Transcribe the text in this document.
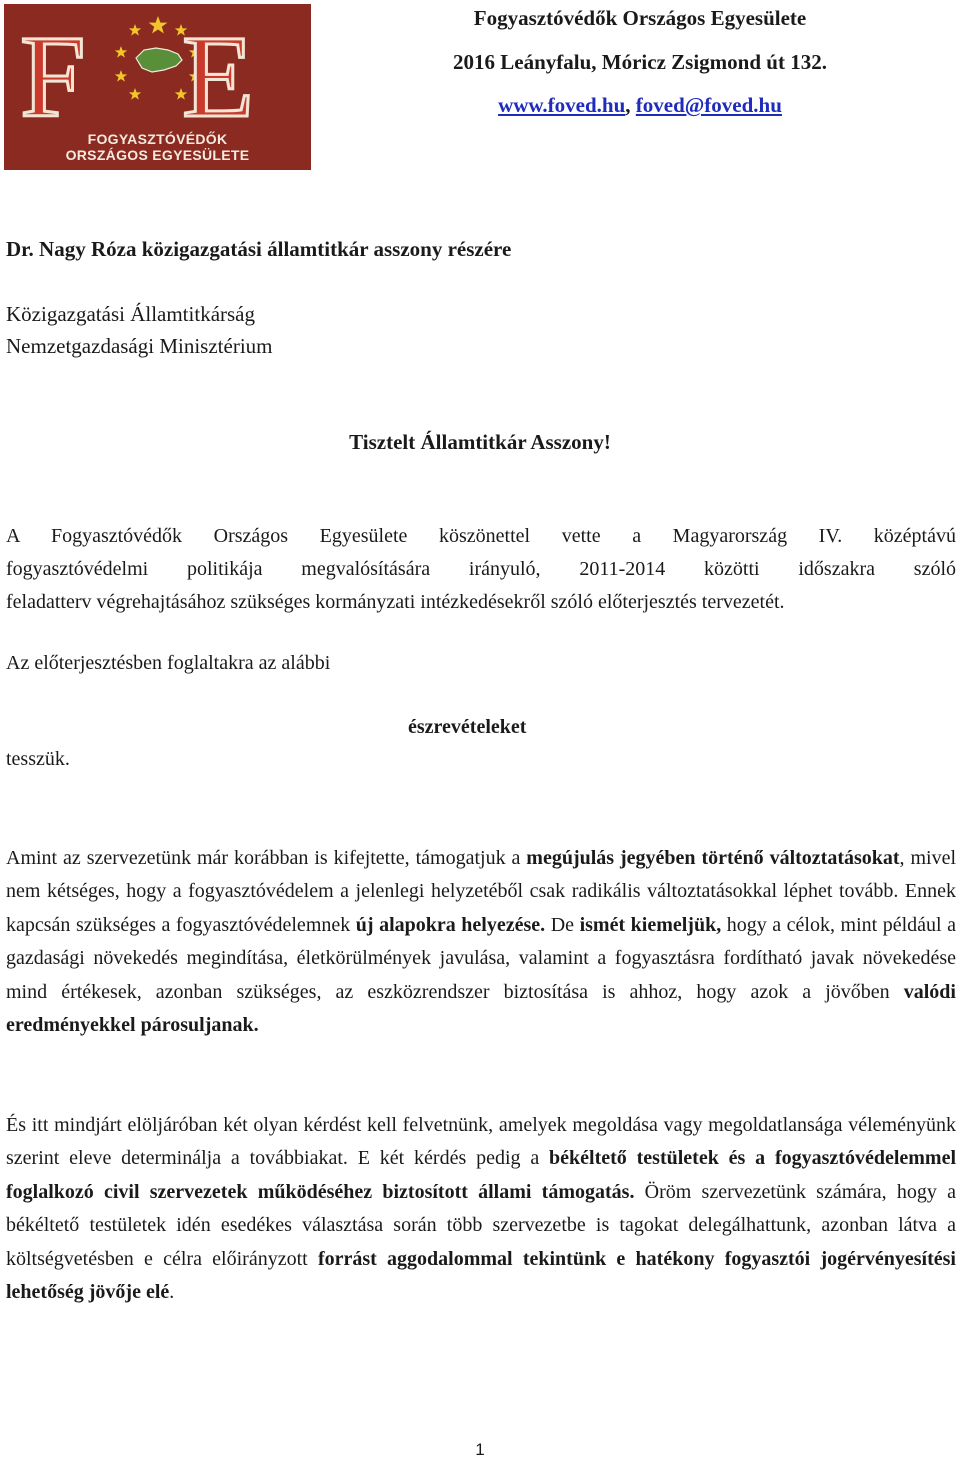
F E
FOGYASZTÓVÉDŐK
ORSZÁGOS EGYESÜLETE
Fogyasztóvédők Országos Egyesülete
2016 Leányfalu, Móricz Zsigmond út 132.
www.foved.hu, foved@foved.hu
Dr. Nagy Róza közigazgatási államtitkár asszony részére
Közigazgatási Államtitkárság
Nemzetgazdasági Minisztérium
Tisztelt Államtitkár Asszony!
A Fogyasztóvédők Országos Egyesülete köszönettel vette a Magyarország IV. középtávú
fogyasztóvédelmi politikája megvalósítására irányuló, 2011-2014 közötti időszakra szóló
feladatterv végrehajtásához szükséges kormányzati intézkedésekről szóló előterjesztés tervezetét.
Az előterjesztésben foglaltakra az alábbi
észrevételeket
tesszük.
Amint az szervezetünk már korábban is kifejtette, támogatjuk a megújulás jegyében történő változtatásokat, mivel nem kétséges, hogy a fogyasztóvédelem a jelenlegi helyzetéből csak radikális változtatásokkal léphet tovább. Ennek kapcsán szükséges a fogyasztóvédelemnek új alapokra helyezése. De ismét kiemeljük, hogy a célok, mint például a gazdasági növekedés megindítása, életkörülmények javulása, valamint a fogyasztásra fordítható javak növekedése mind értékesek, azonban szükséges, az eszközrendszer biztosítása is ahhoz, hogy azok a jövőben valódi eredményekkel párosuljanak.
És itt mindjárt elöljáróban két olyan kérdést kell felvetnünk, amelyek megoldása vagy megoldatlansága véleményünk szerint eleve determinálja a továbbiakat. E két kérdés pedig a békéltető testületek és a fogyasztóvédelemmel foglalkozó civil szervezetek működéséhez biztosított állami támogatás. Öröm szervezetünk számára, hogy a békéltető testületek idén esedékes választása során több szervezetbe is tagokat delegálhattunk, azonban látva a költségvetésben e célra előirányzott forrást aggodalommal tekintünk e hatékony fogyasztói jogérvényesítési lehetőség jövője elé.
1
